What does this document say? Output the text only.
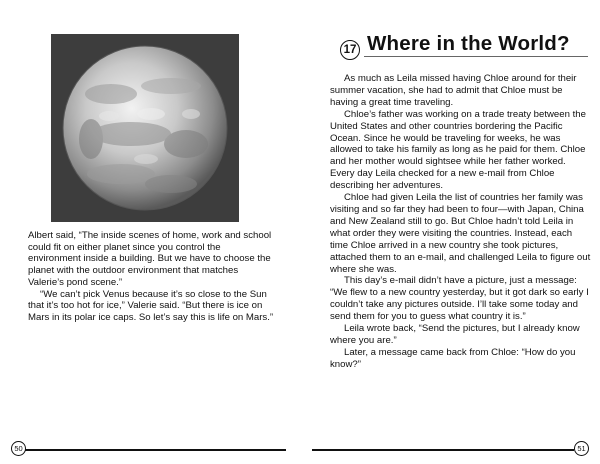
Albert said, “The inside scenes of home, work and school could fit on either planet since you control the environment inside a building. But we have to choose the planet with the outdoor environment that matches Valerie’s pond scene.”

“We can’t pick Venus because it’s so close to the Sun that it’s too hot for ice,” Valerie said. “But there is ice on Mars in its polar ice caps. So let’s say this is life on Mars.”

17 Where in the World?

As much as Leila missed having Chloe around for their summer vacation, she had to admit that Chloe must be having a great time traveling.

Chloe’s father was working on a trade treaty between the United States and other countries bordering the Pacific Ocean. Since he would be traveling for weeks, he was allowed to take his family as long as he paid for them. Chloe and her mother would sightsee while her father worked. Every day Leila checked for a new e-mail from Chloe describing her adventures.

Chloe had given Leila the list of countries her family was visiting and so far they had been to four—with Japan, China and New Zealand still to go. But Chloe hadn’t told Leila in what order they were visiting the countries. Instead, each time Chloe arrived in a new country she took pictures, attached them to an e-mail, and challenged Leila to figure out where she was.

This day’s e-mail didn’t have a picture, just a message: “We flew to a new country yesterday, but it got dark so early I couldn’t take any pictures outside. I’ll take some today and send them for you to guess what country it is.”

Leila wrote back, “Send the pictures, but I already know where you are.”

Later, a message came back from Chloe: “How do you know?”

50	51
